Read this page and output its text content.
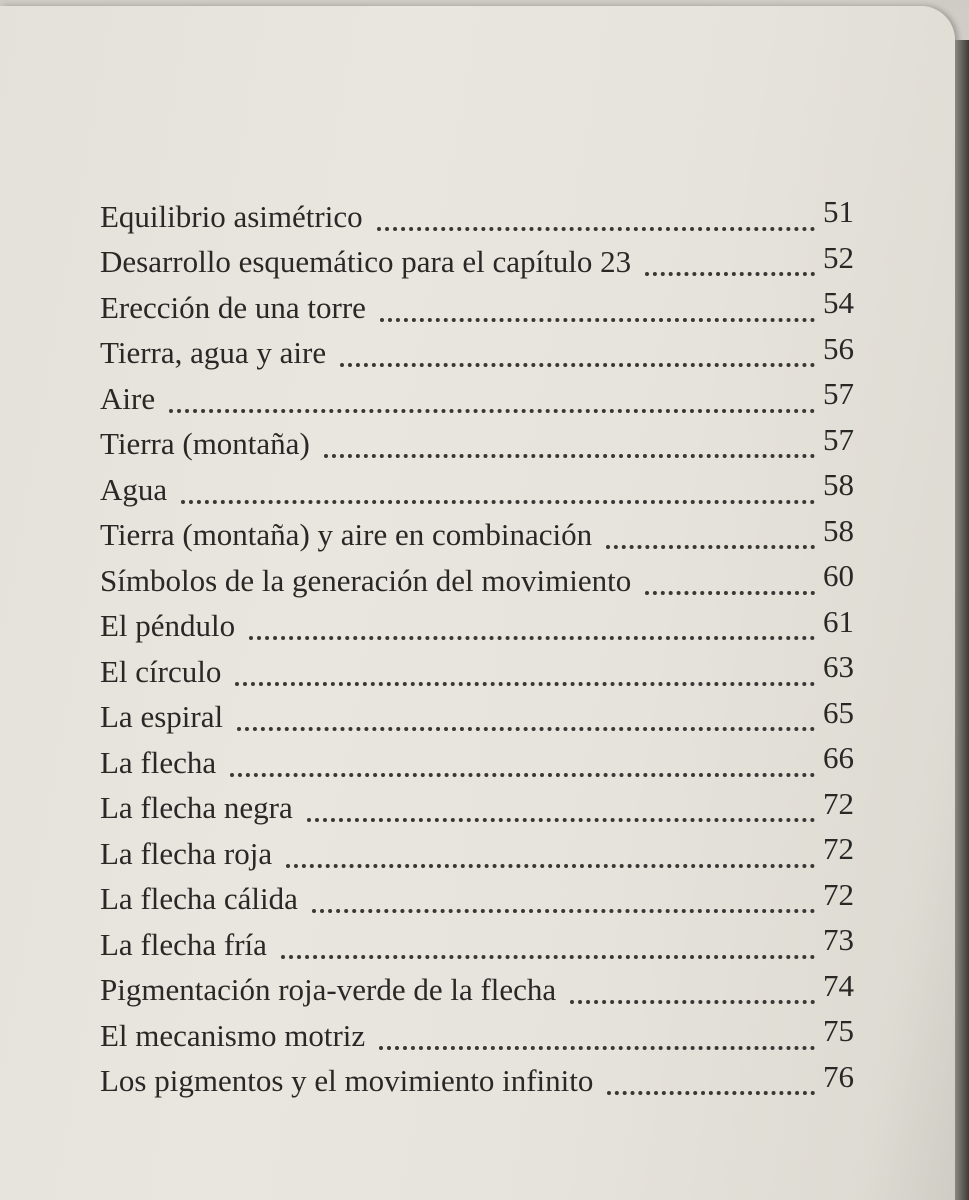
Equilibrio asimétrico	51
Desarrollo esquemático para el capítulo 23	52
Erección de una torre	54
Tierra, agua y aire	56
Aire	57
Tierra (montaña)	57
Agua	58
Tierra (montaña) y aire en combinación	58
Símbolos de la generación del movimiento	60
El péndulo	61
El círculo	63
La espiral	65
La flecha	66
La flecha negra	72
La flecha roja	72
La flecha cálida	72
La flecha fría	73
Pigmentación roja-verde de la flecha	74
El mecanismo motriz	75
Los pigmentos y el movimiento infinito	76
